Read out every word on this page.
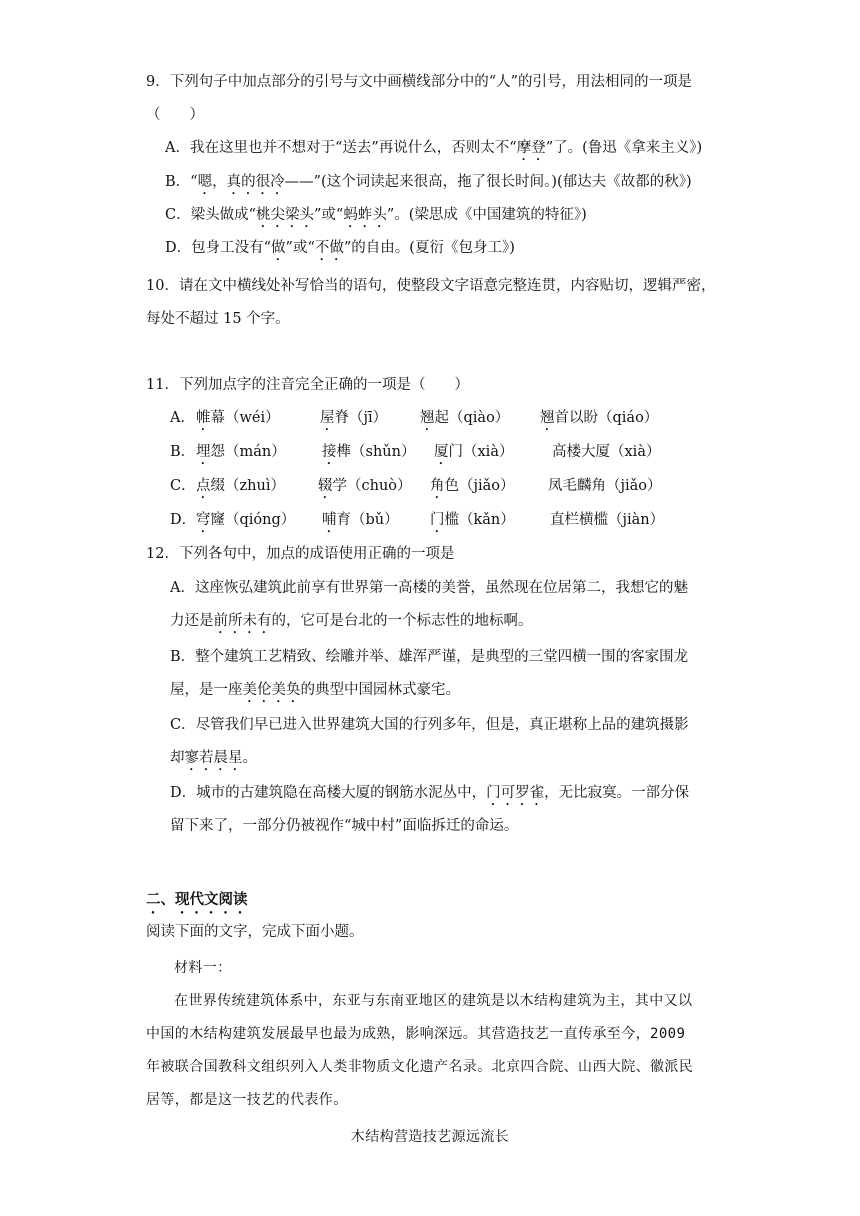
9．下列句子中加点部分的引号与文中画横线部分中的“人”的引号，用法相同的一项是
（　　）
A．我在这里也并不想对于“送去”再说什么，否则太不“摩登”了。(鲁迅《拿来主义》)
B．“嗯，真的很冷——”(这个词读起来很高，拖了很长时间。)(郁达夫《故都的秋》)
C．梁头做成“桃尖梁头”或“蚂蚱头”。(梁思成《中国建筑的特征》)
D．包身工没有“做”或“不做”的自由。(夏衍《包身工》)
10．请在文中横线处补写恰当的语句，使整段文字语意完整连贯，内容贴切，逻辑严密，
每处不超过 15 个字。
11．下列加点字的注音完全正确的一项是（　　）
A． 帷幕（wéi）	屋脊（jī） 翘起（qiào） 翘首以盼（qiáo）
B． 埋怨（mán）	接榫（shǔn） 厦门（xià）	高楼大厦（xià）
C． 点缀（zhuì） 辍学（chuò） 角色（jiǎo） 凤毛麟角（jiǎo）
D． 穹窿（qióng） 哺育（bǔ） 门槛（kǎn） 直栏横槛（jiàn）
12．下列各句中，加点的成语使用正确的一项是
A．这座恢弘建筑此前享有世界第一高楼的美誉，虽然现在位居第二，我想它的魅
力还是前所未有的，它可是台北的一个标志性的地标啊。
B．整个建筑工艺精致、绘雕并举、雄浑严谨，是典型的三堂四横一围的客家围龙
屋，是一座美伦美奂的典型中国园林式豪宅。
C．尽管我们早已进入世界建筑大国的行列多年，但是，真正堪称上品的建筑摄影
却寥若晨星。
D．城市的古建筑隐在高楼大厦的钢筋水泥丛中，门可罗雀，无比寂寞。一部分保
留下来了，一部分仍被视作“城中村”面临拆迁的命运。
二、现代文阅读
阅读下面的文字，完成下面小题。
材料一：
在世界传统建筑体系中，东亚与东南亚地区的建筑是以木结构建筑为主，其中又以
中国的木结构建筑发展最早也最为成熟，影响深远。其营造技艺一直传承至今，2009
年被联合国教科文组织列入人类非物质文化遗产名录。北京四合院、山西大院、徽派民
居等，都是这一技艺的代表作。
木结构营造技艺源远流长
